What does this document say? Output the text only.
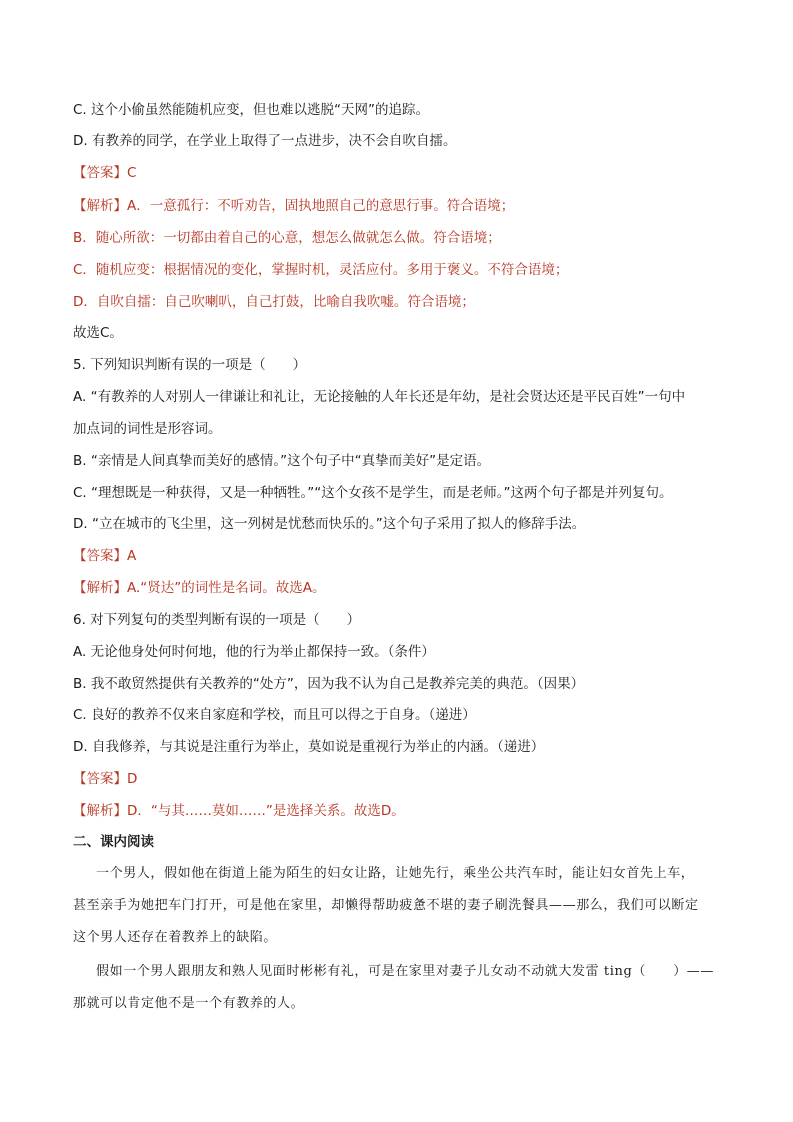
C. 这个小偷虽然能随机应变，但也难以逃脱“天网”的追踪。
D. 有教养的同学，在学业上取得了一点进步，决不会自吹自擂。
【答案】C
【解析】A．一意孤行：不听劝告，固执地照自己的意思行事。符合语境；
B．随心所欲：一切都由着自己的心意，想怎么做就怎么做。符合语境；
C．随机应变：根据情况的变化，掌握时机，灵活应付。多用于褒义。不符合语境；
D．自吹自擂：自己吹喇叭，自己打鼓，比喻自我吹嘘。符合语境；
故选C。
5. 下列知识判断有误的一项是（　　）
A. “有教养的人对别人一律谦让和礼让，无论接触的人年长还是年幼，是社会贤达还是平民百姓”一句中
加点词的词性是形容词。
B. “亲情是人间真挚而美好的感情。”这个句子中“真挚而美好”是定语。
C. “理想既是一种获得，又是一种牺牲。”“这个女孩不是学生，而是老师。”这两个句子都是并列复句。
D. “立在城市的飞尘里，这一列树是忧愁而快乐的。”这个句子采用了拟人的修辞手法。
【答案】A
【解析】A.“贤达”的词性是名词。故选A。
6. 对下列复句的类型判断有误的一项是（　　）
A. 无论他身处何时何地，他的行为举止都保持一致。（条件）
B. 我不敢贸然提供有关教养的“处方”，因为我不认为自己是教养完美的典范。（因果）
C. 良好的教养不仅来自家庭和学校，而且可以得之于自身。（递进）
D. 自我修养，与其说是注重行为举止，莫如说是重视行为举止的内涵。（递进）
【答案】D
【解析】D．“与其……莫如……”是选择关系。故选D。
二、课内阅读
一个男人，假如他在街道上能为陌生的妇女让路，让她先行，乘坐公共汽车时，能让妇女首先上车，
甚至亲手为她把车门打开，可是他在家里，却懒得帮助疲惫不堪的妻子刷洗餐具——那么，我们可以断定
这个男人还存在着教养上的缺陷。
假如一个男人跟朋友和熟人见面时彬彬有礼，可是在家里对妻子儿女动不动就大发雷 ting（　　）——
那就可以肯定他不是一个有教养的人。
